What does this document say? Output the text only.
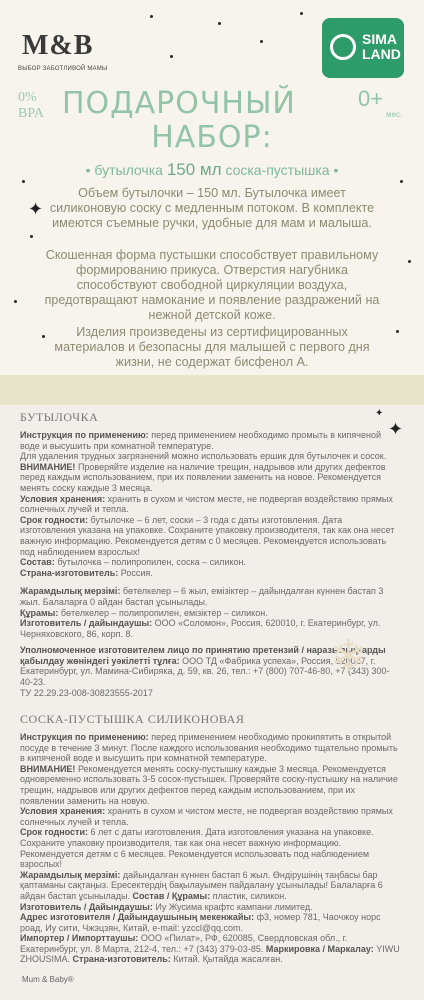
M&B
ВЫБОР ЗАБОТЛИВОЙ МАМЫ
SIMA
LAND
0%
BPA ПОДАРОЧНЫЙ	0+
мес.
НАБОР:
• бутылочка 150 мл соска-пустышка •
Объем бутылочки – 150 мл. Бутылочка имеет силиконовую соску с медленным потоком. В комплекте имеются съемные ручки, удобные для мам и малыша.
Скошенная форма пустышки способствует правильному формированию прикуса. Отверстия нагубника способствуют свободной циркуляции воздуха, предотвращают намокание и появление раздражений на нежной детской коже.
Изделия произведены из сертифицированных материалов и безопасны для малышей с первого дня жизни, не содержат бисфенол А.
✦
✦
✦
БУТЫЛОЧКА

Инструкция по применению: перед применением необходимо промыть в кипяченой воде и высушить при комнатной температуре.

Для удаления трудных загрязнений можно использовать ершик для бутылочек и сосок.

ВНИМАНИЕ! Проверяйте изделие на наличие трещин, надрывов или других дефектов перед каждым использованием, при их появлении заменить на новое. Рекомендуется менять соску каждые 3 месяца.

Условия хранения: хранить в сухом и чистом месте, не подвергая воздействию прямых солнечных лучей и тепла.

Срок годности: бутылочке – 6 лет, соски – 3 года с даты изготовления. Дата изготовления указана на упаковке. Сохраните упаковку производителя, так как она несет важную информацию. Рекомендуется детям с 0 месяцев. Рекомендуется использовать под наблюдением взрослых!

Состав: бутылочка – полипропилен, соска – силикон.

Страна-изготовитель: Россия.

Жарамдылық мерзімі: бөтелкелер – 6 жыл, емізіктер – дайындалған күннен бастап 3 жыл. Балаларға 0 айдан бастап ұсынылады.

Құрамы: бөтелкелер – полипропилен, емізіктер – силикон.

Изготовитель / дайындаушы: ООО «Соломон», Россия, 620010, г. Екатеринбург, ул. Черняховского, 86, корп. 8.

Уполномоченное изготовителем лицо по принятию претензий / наразылықтарды қабылдау жөніндегі уәкілетті тұлға: ООО ТД «Фабрика успеха», Россия, 620027, г. Екатеринбург, ул. Мамина-Сибиряка, д. 59, кв. 26, тел.: +7 (800) 707-46-80, +7 (343) 300-40-23.

ТУ 22.29.23-008-30823555-2017

❄
СОСКА-ПУСТЫШКА СИЛИКОНОВАЯ

Инструкция по применению: перед применением необходимо прокипятить в открытой посуде в течение 3 минут. После каждого использования необходимо тщательно промыть в кипяченой воде и высушить при комнатной температуре.

ВНИМАНИЕ! Рекомендуется менять соску-пустышку каждые 3 месяца. Рекомендуется одновременно использовать 3-5 сосок-пустышек. Проверяйте соску-пустышку на наличие трещин, надрывов или других дефектов перед каждым использованием, при их появлении заменить на новую.

Условия хранения: хранить в сухом и чистом месте, не подвергая воздействию прямых солнечных лучей и тепла.

Срок годности: 6 лет с даты изготовления. Дата изготовления указана на упаковке. Сохраните упаковку производителя, так как она несет важную информацию. Рекомендуется детям с 6 месяцев. Рекомендуется использовать под наблюдением взрослых!

Жарамдылық мерзімі: дайындалған күннен бастап 6 жыл. Өндірушінің таңбасы бар қаптаманы сақтаңыз. Ересектердің бақылауымен пайдалану ұсынылады! Балаларға 6 айдан бастап ұсынылады. Состав / Құрамы: пластик, силикон.

Изготовитель / Дайындаушы: Иу Жусима крафтс кампани лимитед.

Адрес изготовителя / Дайындаушының мекенжайы: ф3, номер 781, Чаочжоу норс роад, Иу сити, Чжэцзян, Китай, e-mail: yzccl@qq.com.

Импортер / Импорттаушы: ООО «Пилат», РФ, 620085, Свердловская обл., г. Екатеринбург, ул. 8 Марта, 212-4, тел.: +7 (343) 379-03-85. Маркировка / Маркалау: YIWU ZHOUSIMA. Страна-изготовитель: Китай. Қытайда жасалған.

Mum & Baby®
